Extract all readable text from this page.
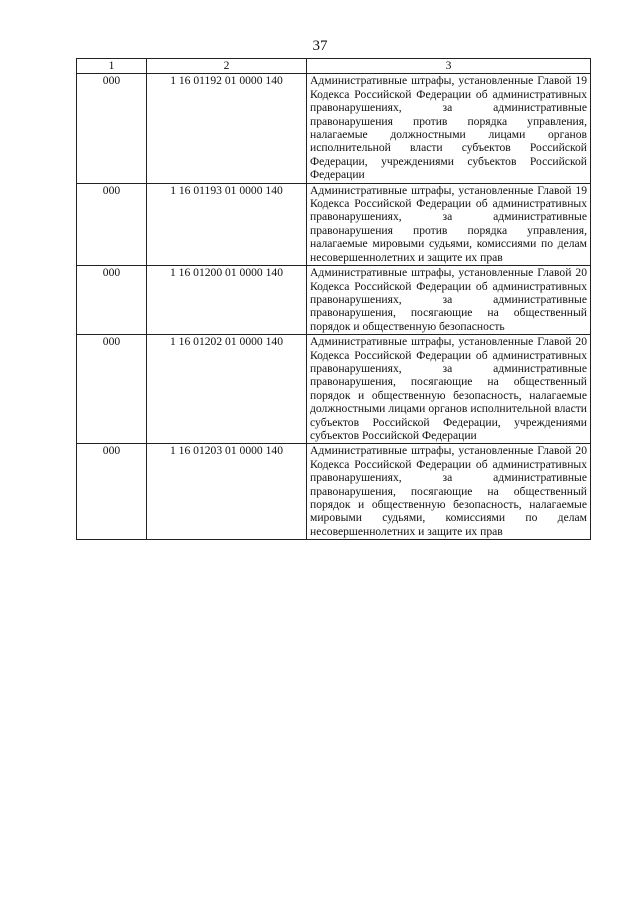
37
1	2	3
000	1 16 01192 01 0000 140	Административные штрафы, установленные Главой 19 Кодекса Российской Федерации об административных правонарушениях, за административные правонарушения против порядка управления, налагаемые должностными лицами органов исполнительной власти субъектов Российской Федерации, учреждениями субъектов Российской Федерации
000	1 16 01193 01 0000 140	Административные штрафы, установленные Главой 19 Кодекса Российской Федерации об административных правонарушениях, за административные правонарушения против порядка управления, налагаемые мировыми судьями, комиссиями по делам несовершеннолетних и защите их прав
000	1 16 01200 01 0000 140	Административные штрафы, установленные Главой 20 Кодекса Российской Федерации об административных правонарушениях, за административные правонарушения, посягающие на общественный порядок и общественную безопасность
000	1 16 01202 01 0000 140	Административные штрафы, установленные Главой 20 Кодекса Российской Федерации об административных правонарушениях, за административные правонарушения, посягающие на общественный порядок и общественную безопасность, налагаемые должностными лицами органов исполнительной власти субъектов Российской Федерации, учреждениями субъектов Российской Федерации
000	1 16 01203 01 0000 140	Административные штрафы, установленные Главой 20 Кодекса Российской Федерации об административных правонарушениях, за административные правонарушения, посягающие на общественный порядок и общественную безопасность, налагаемые мировыми судьями, комиссиями по делам несовершеннолетних и защите их прав
